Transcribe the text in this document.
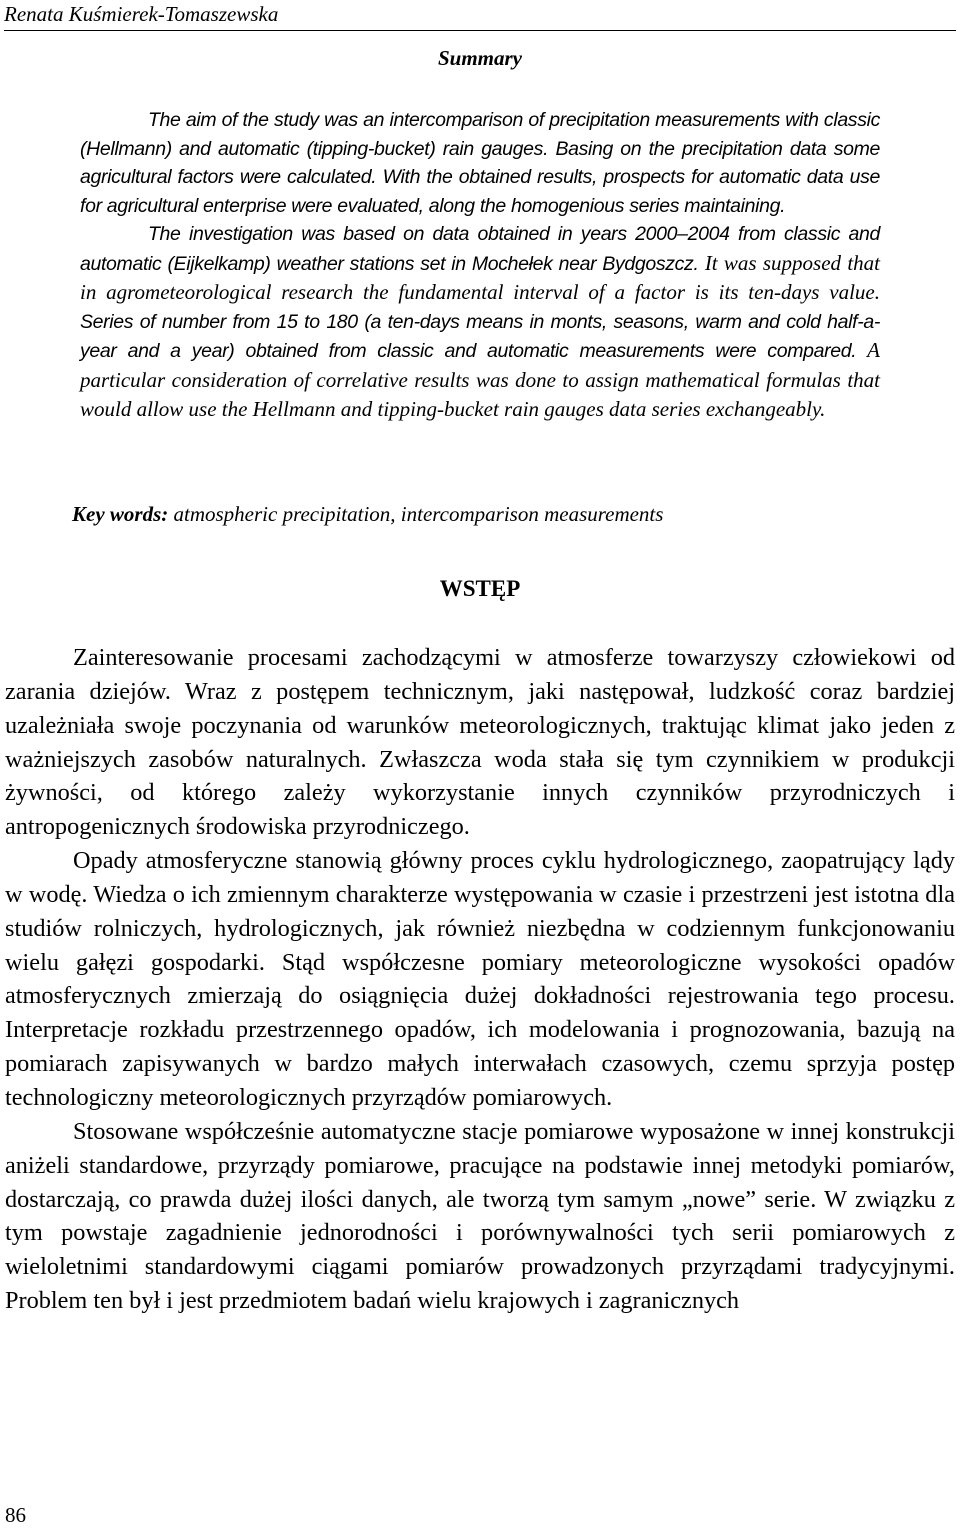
Renata Kuśmierek-Tomaszewska
Summary

The aim of the study was an intercomparison of precipitation measurements with classic (Hellmann) and automatic (tipping-bucket) rain gauges. Basing on the precipitation data some agricultural factors were calculated. With the obtained results, prospects for automatic data use for agricultural enterprise were evaluated, along the homogenious series maintaining.

The investigation was based on data obtained in years 2000–2004 from classic and automatic (Eijkelkamp) weather stations set in Mochełek near Bydgoszcz. It was supposed that in agrometeorological research the fundamental interval of a factor is its ten-days value. Series of number from 15 to 180 (a ten-days means in monts, seasons, warm and cold half-a-year and a year) obtained from classic and automatic measurements were compared. A particular consideration of correlative results was done to assign mathematical formulas that would allow use the Hellmann and tipping-bucket rain gauges data series exchangeably.

Key words: atmospheric precipitation, intercomparison measurements
WSTĘP

Zainteresowanie procesami zachodzącymi w atmosferze towarzyszy człowiekowi od zarania dziejów. Wraz z postępem technicznym, jaki następował, ludzkość coraz bardziej uzależniała swoje poczynania od warunków meteorologicznych, traktując klimat jako jeden z ważniejszych zasobów naturalnych. Zwłaszcza woda stała się tym czynnikiem w produkcji żywności, od którego zależy wykorzystanie innych czynników przyrodniczych i antropogenicznych środowiska przyrodniczego.

Opady atmosferyczne stanowią główny proces cyklu hydrologicznego, zaopatrujący lądy w wodę. Wiedza o ich zmiennym charakterze występowania w czasie i przestrzeni jest istotna dla studiów rolniczych, hydrologicznych, jak również niezbędna w codziennym funkcjonowaniu wielu gałęzi gospodarki. Stąd współczesne pomiary meteorologiczne wysokości opadów atmosferycznych zmierzają do osiągnięcia dużej dokładności rejestrowania tego procesu. Interpretacje rozkładu przestrzennego opadów, ich modelowania i prognozowania, bazują na pomiarach zapisywanych w bardzo małych interwałach czasowych, czemu sprzyja postęp technologiczny meteorologicznych przyrządów pomiarowych.

Stosowane współcześnie automatyczne stacje pomiarowe wyposażone w innej konstrukcji aniżeli standardowe, przyrządy pomiarowe, pracujące na podstawie innej metodyki pomiarów, dostarczają, co prawda dużej ilości danych, ale tworzą tym samym „nowe” serie. W związku z tym powstaje zagadnienie jednorodności i porównywalności tych serii pomiarowych z wieloletnimi standardowymi ciągami pomiarów prowadzonych przyrządami tradycyjnymi. Problem ten był i jest przedmiotem badań wielu krajowych i zagranicznych

86
